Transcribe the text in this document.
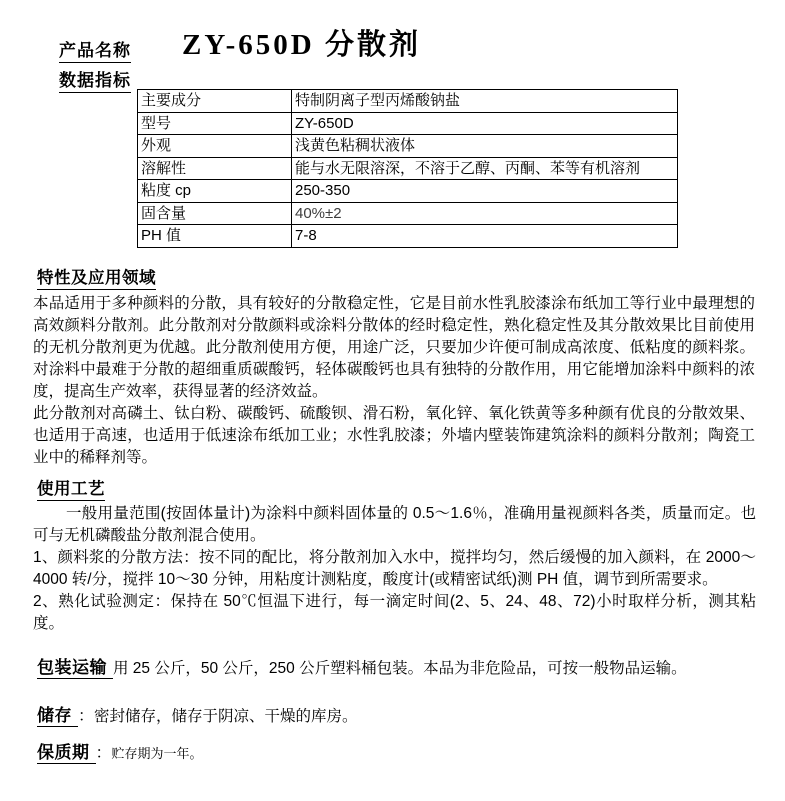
产品名称 ZY-650D 分散剂
数据指标
主要成分	特制阴离子型丙烯酸钠盐
型号	ZY-650D
外观	浅黄色粘稠状液体
溶解性	能与水无限溶深，不溶于乙醇、丙酮、苯等有机溶剂
粘度 cp	250-350
固含量	40%±2
PH 值	7-8
特性及应用领域

本品适用于多种颜料的分散，具有较好的分散稳定性，它是目前水性乳胶漆涂布纸加工等行业中最理想的高效颜料分散剂。此分散剂对分散颜料或涂料分散体的经时稳定性，熟化稳定性及其分散效果比目前使用的无机分散剂更为优越。此分散剂使用方便，用途广泛，只要加少许便可制成高浓度、低粘度的颜料浆。对涂料中最难于分散的超细重质碳酸钙，轻体碳酸钙也具有独特的分散作用，用它能增加涂料中颜料的浓度，提高生产效率，获得显著的经济效益。

此分散剂对高磷土、钛白粉、碳酸钙、硫酸钡、滑石粉，氧化锌、氧化铁黄等多种颜有优良的分散效果、也适用于高速，也适用于低速涂布纸加工业；水性乳胶漆；外墙内壁装饰建筑涂料的颜料分散剂；陶瓷工业中的稀释剂等。

使用工艺

一般用量范围(按固体量计)为涂料中颜料固体量的 0.5～1.6％，准确用量视颜料各类，质量而定。也可与无机磷酸盐分散剂混合使用。

1、颜料浆的分散方法：按不同的配比，将分散剂加入水中，搅拌均匀，然后缓慢的加入颜料，在 2000～4000 转/分，搅拌 10～30 分钟，用粘度计测粘度，酸度计(或精密试纸)测 PH 值，调节到所需要求。

2、熟化试验测定：保持在 50℃恒温下进行，每一滴定时间(2、5、24、48、72)小时取样分析，测其粘度。

包装运输 用 25 公斤，50 公斤，250 公斤塑料桶包装。本品为非危险品，可按一般物品运输。
储存 ：密封储存，储存于阴凉、干燥的库房。
保质期 ：贮存期为一年。
